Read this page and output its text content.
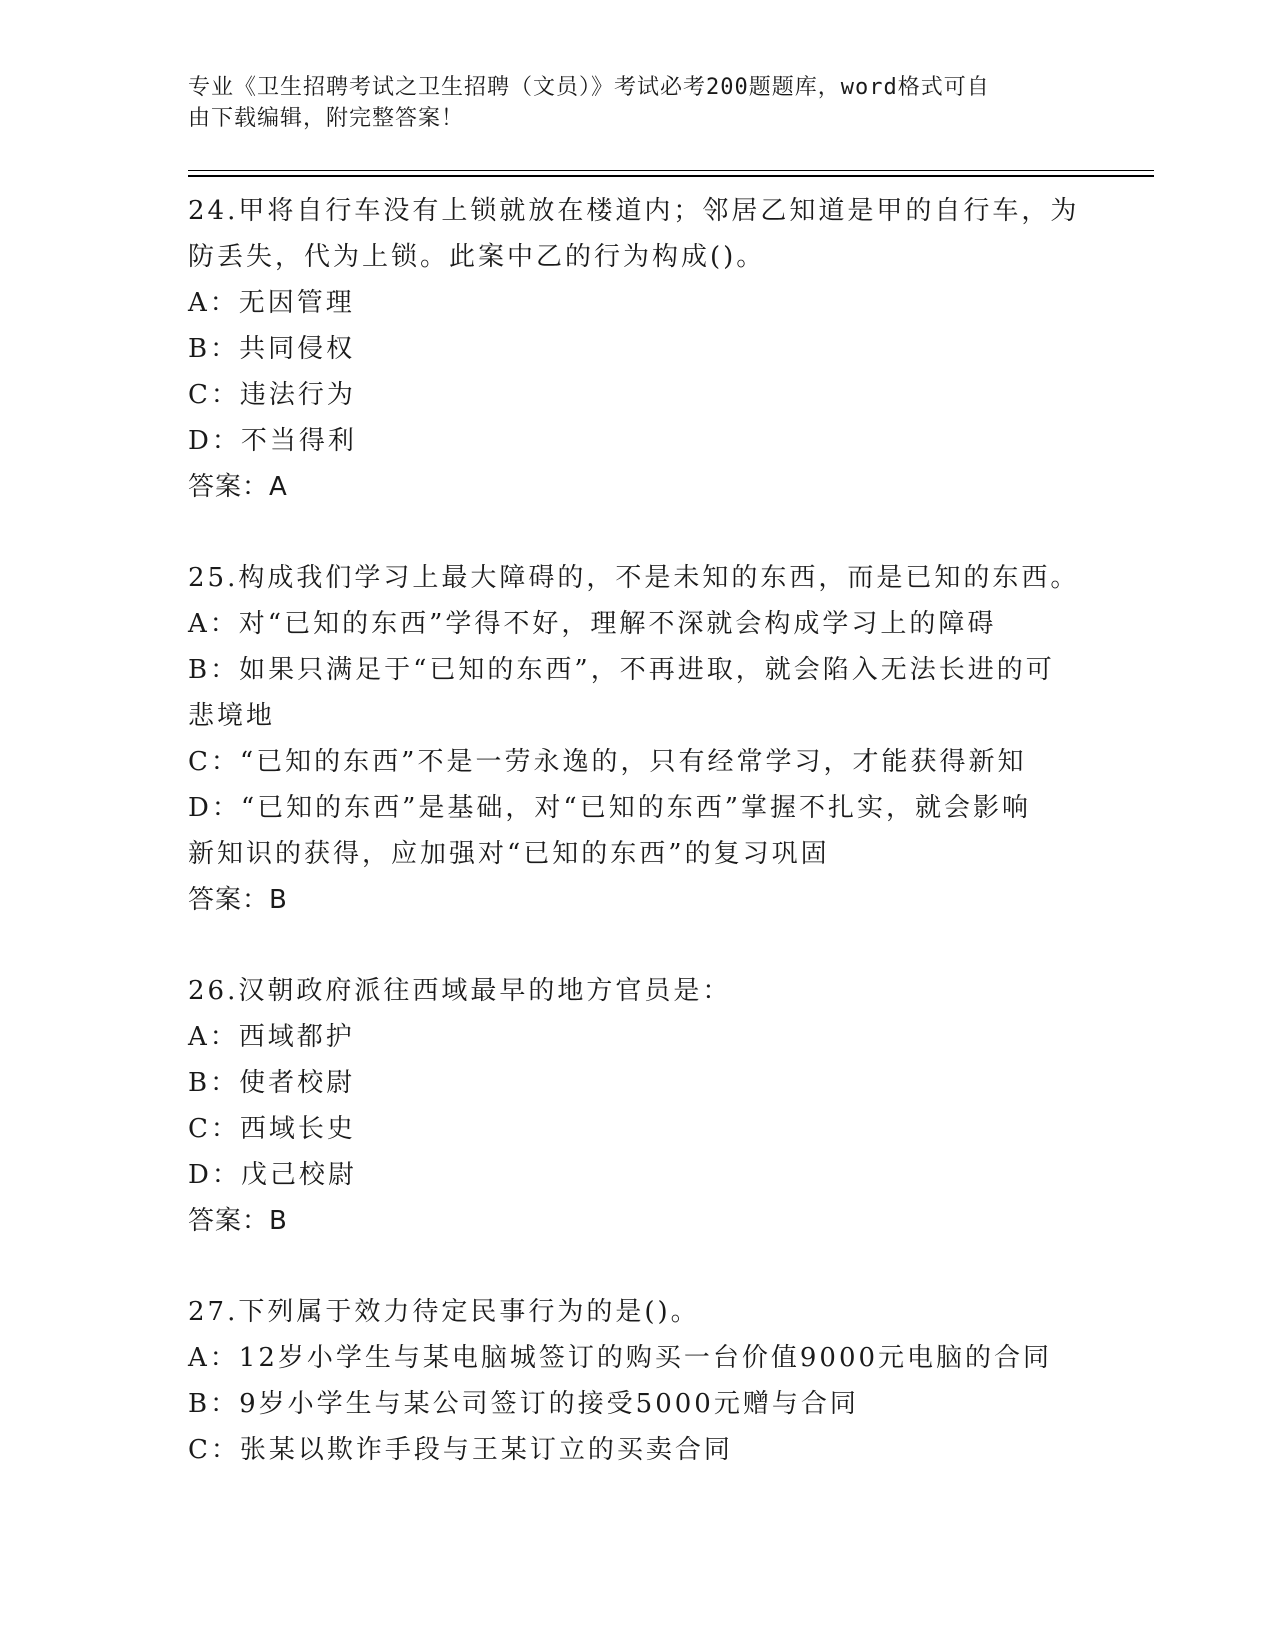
专业《卫生招聘考试之卫生招聘（文员）》考试必考200题题库，word格式可自
由下载编辑，附完整答案！
24.甲将自行车没有上锁就放在楼道内；邻居乙知道是甲的自行车，为
防丢失，代为上锁。此案中乙的行为构成()。
A：无因管理
B：共同侵权
C：违法行为
D：不当得利
答案：A
25.构成我们学习上最大障碍的，不是未知的东西，而是已知的东西。
A：对“已知的东西”学得不好，理解不深就会构成学习上的障碍
B：如果只满足于“已知的东西”，不再进取，就会陷入无法长进的可
悲境地
C：“已知的东西”不是一劳永逸的，只有经常学习，才能获得新知
D：“已知的东西”是基础，对“已知的东西”掌握不扎实，就会影响
新知识的获得，应加强对“已知的东西”的复习巩固
答案：B
26.汉朝政府派往西域最早的地方官员是：
A：西域都护
B：使者校尉
C：西域长史
D：戊己校尉
答案：B
27.下列属于效力待定民事行为的是()。
A：12岁小学生与某电脑城签订的购买一台价值9000元电脑的合同
B：9岁小学生与某公司签订的接受5000元赠与合同
C：张某以欺诈手段与王某订立的买卖合同
